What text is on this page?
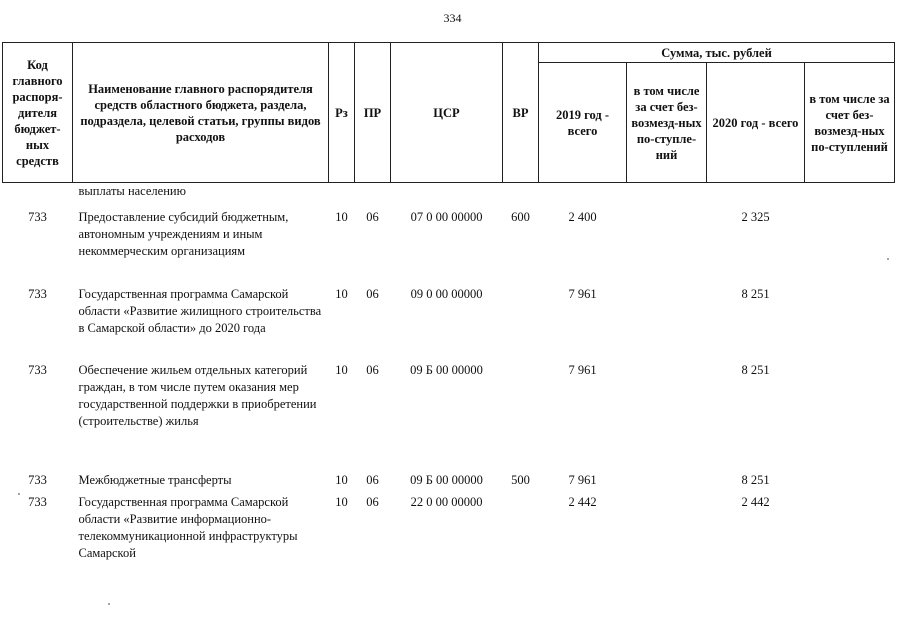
334
Код главного распоря-дителя бюджет-ных средств	Наименование главного распорядителя средств областного бюджета, раздела, подраздела, целевой статьи, группы видов расходов	Рз	ПР	ЦСР	ВР	Сумма, тыс. рублей			
						2019 год - всего	в том числе за счет без-возмезд-ных по-ступле-ний	2020 год - всего	в том числе за счет без-возмезд-ных по-ступлений
	выплаты населению								

733	Предоставление субсидий бюджетным, автономным учреждениям и иным некоммерческим организациям	10	06	07 0 00 00000	600	2 400		2 325	
733	Государственная программа Самарской области «Развитие жилищного строительства в Самарской области» до 2020 года	10	06	09 0 00 00000		7 961		8 251	
733	Обеспечение жильем отдельных категорий граждан, в том числе путем оказания мер государственной поддержки в приобретении (строительстве) жилья	10	06	09 Б 00 00000		7 961		8 251	
733	Межбюджетные трансферты	10	06	09 Б 00 00000	500	7 961		8 251	
733	Государственная программа Самарской области «Развитие информационно-телекоммуникационной инфраструктуры Самарской	10	06	22 0 00 00000		2 442		2 442	
